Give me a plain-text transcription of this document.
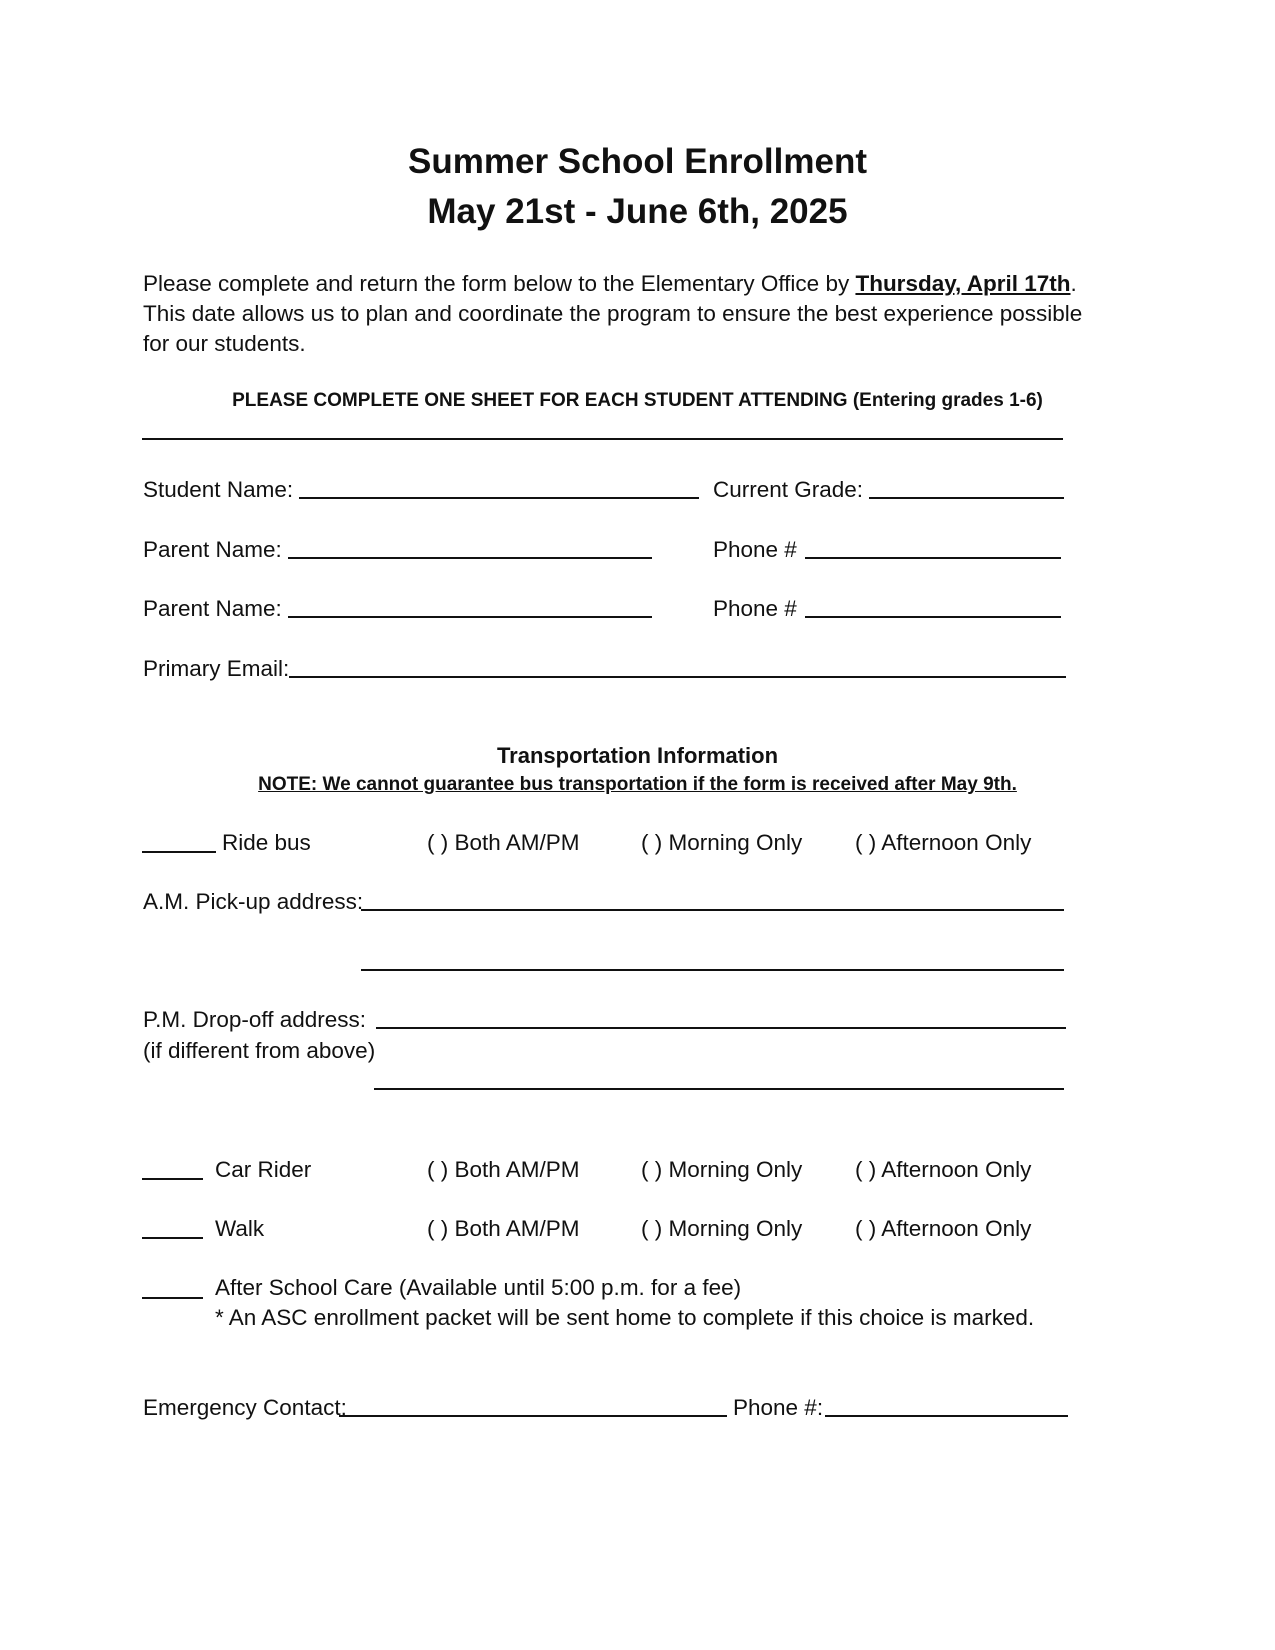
Summer School Enrollment
May 21st - June 6th, 2025
Please complete and return the form below to the Elementary Office by Thursday, April 17th.
This date allows us to plan and coordinate the program to ensure the best experience possible
for our students.
PLEASE COMPLETE ONE SHEET FOR EACH STUDENT ATTENDING (Entering grades 1-6)
Student Name:	Current Grade:
Parent Name:	Phone #
Parent Name:	Phone #
Primary Email:
Transportation Information
NOTE: We cannot guarantee bus transportation if the form is received after May 9th.
Ride bus	( ) Both AM/PM	( ) Morning Only ( ) Afternoon Only
A.M. Pick-up address:
P.M. Drop-off address:
(if different from above)
Car Rider	( ) Both AM/PM	( ) Morning Only ( ) Afternoon Only
Walk	( ) Both AM/PM	( ) Morning Only ( ) Afternoon Only
After School Care (Available until 5:00 p.m. for a fee)
* An ASC enrollment packet will be sent home to complete if this choice is marked.
Emergency Contact:	Phone #:
